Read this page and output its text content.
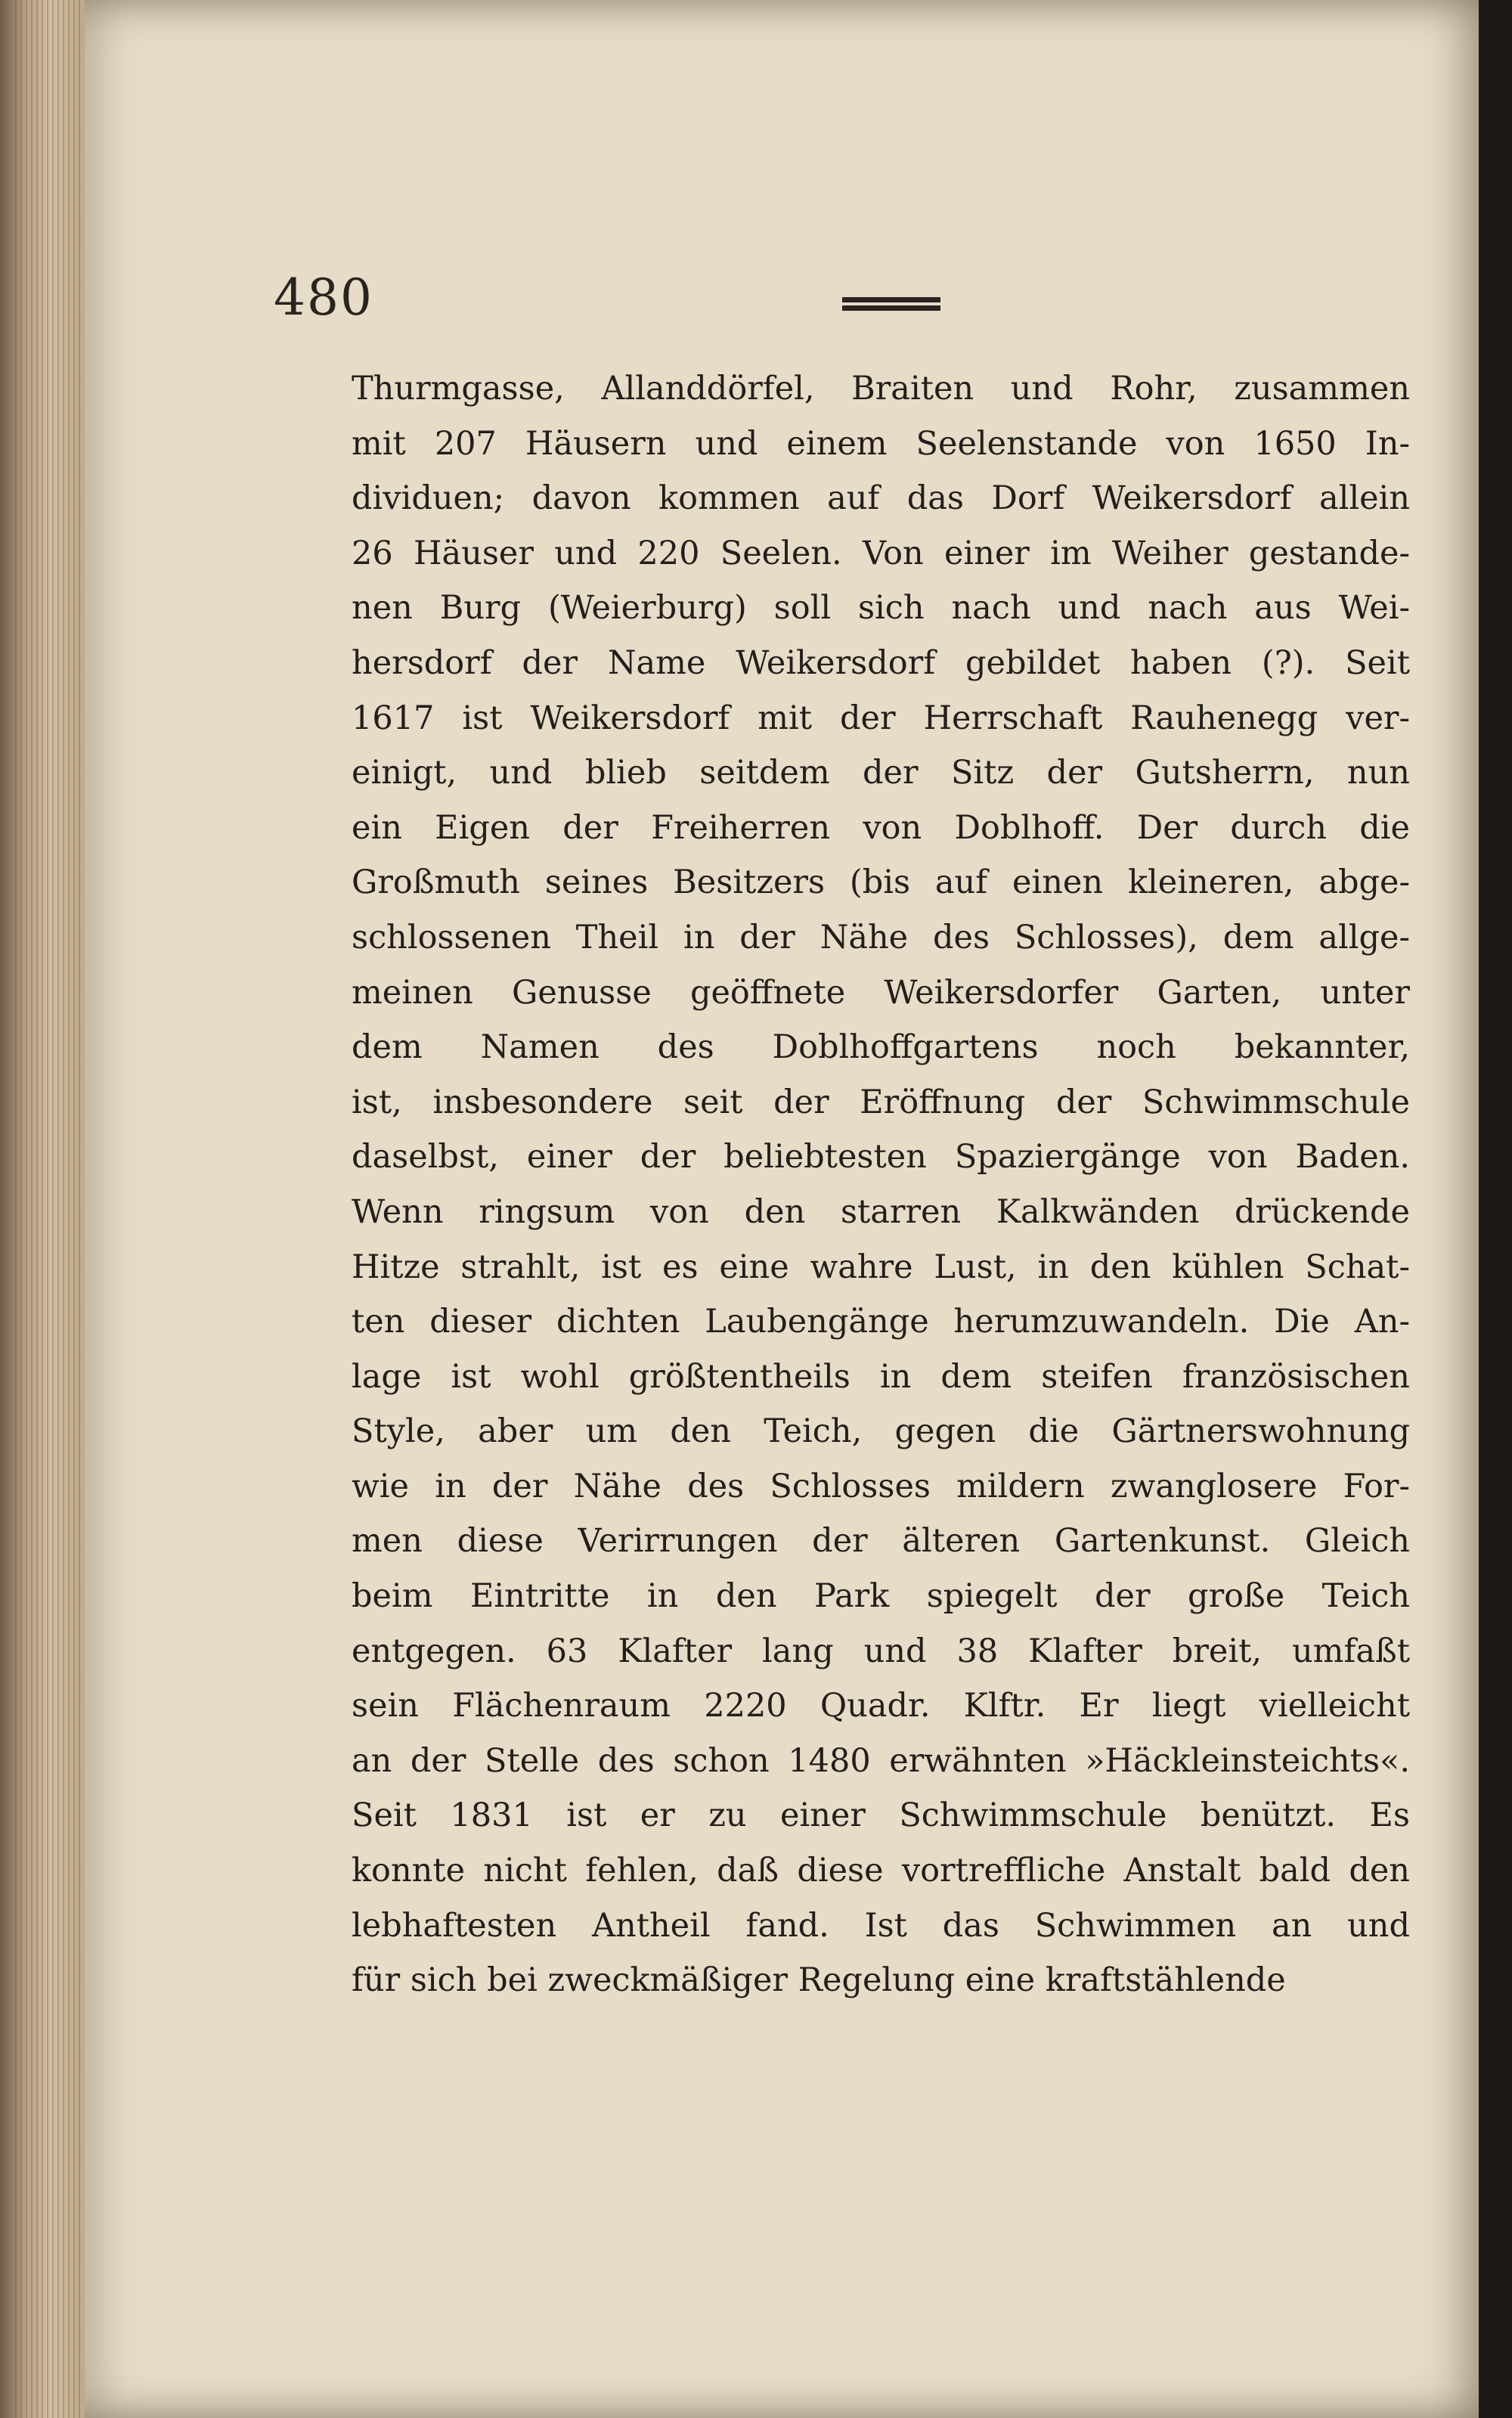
480
Thurmgasse, Allanddörfel, Braiten und Rohr, zusammen
mit 207 Häusern und einem Seelenstande von 1650 In-
dividuen; davon kommen auf das Dorf Weikersdorf allein
26 Häuser und 220 Seelen. Von einer im Weiher gestande-
nen Burg (Weierburg) soll sich nach und nach aus Wei-
hersdorf der Name Weikersdorf gebildet haben (?). Seit
1617 ist Weikersdorf mit der Herrschaft Rauhenegg ver-
einigt, und blieb seitdem der Sitz der Gutsherrn, nun
ein Eigen der Freiherren von Doblhoff. Der durch die
Großmuth seines Besitzers (bis auf einen kleineren, abge-
schlossenen Theil in der Nähe des Schlosses), dem allge-
meinen Genusse geöffnete Weikersdorfer Garten, unter
dem Namen des Doblhoffgartens noch bekannter,
ist, insbesondere seit der Eröffnung der Schwimmschule
daselbst, einer der beliebtesten Spaziergänge von Baden.
Wenn ringsum von den starren Kalkwänden drückende
Hitze strahlt, ist es eine wahre Lust, in den kühlen Schat-
ten dieser dichten Laubengänge herumzuwandeln. Die An-
lage ist wohl größtentheils in dem steifen französischen
Style, aber um den Teich, gegen die Gärtnerswohnung
wie in der Nähe des Schlosses mildern zwanglosere For-
men diese Verirrungen der älteren Gartenkunst. Gleich
beim Eintritte in den Park spiegelt der große Teich
entgegen. 63 Klafter lang und 38 Klafter breit, umfaßt
sein Flächenraum 2220 Quadr. Klftr. Er liegt vielleicht
an der Stelle des schon 1480 erwähnten »Häckleinsteichts«.
Seit 1831 ist er zu einer Schwimmschule benützt. Es
konnte nicht fehlen, daß diese vortreffliche Anstalt bald den
lebhaftesten Antheil fand. Ist das Schwimmen an und
für sich bei zweckmäßiger Regelung eine kraftstählende
